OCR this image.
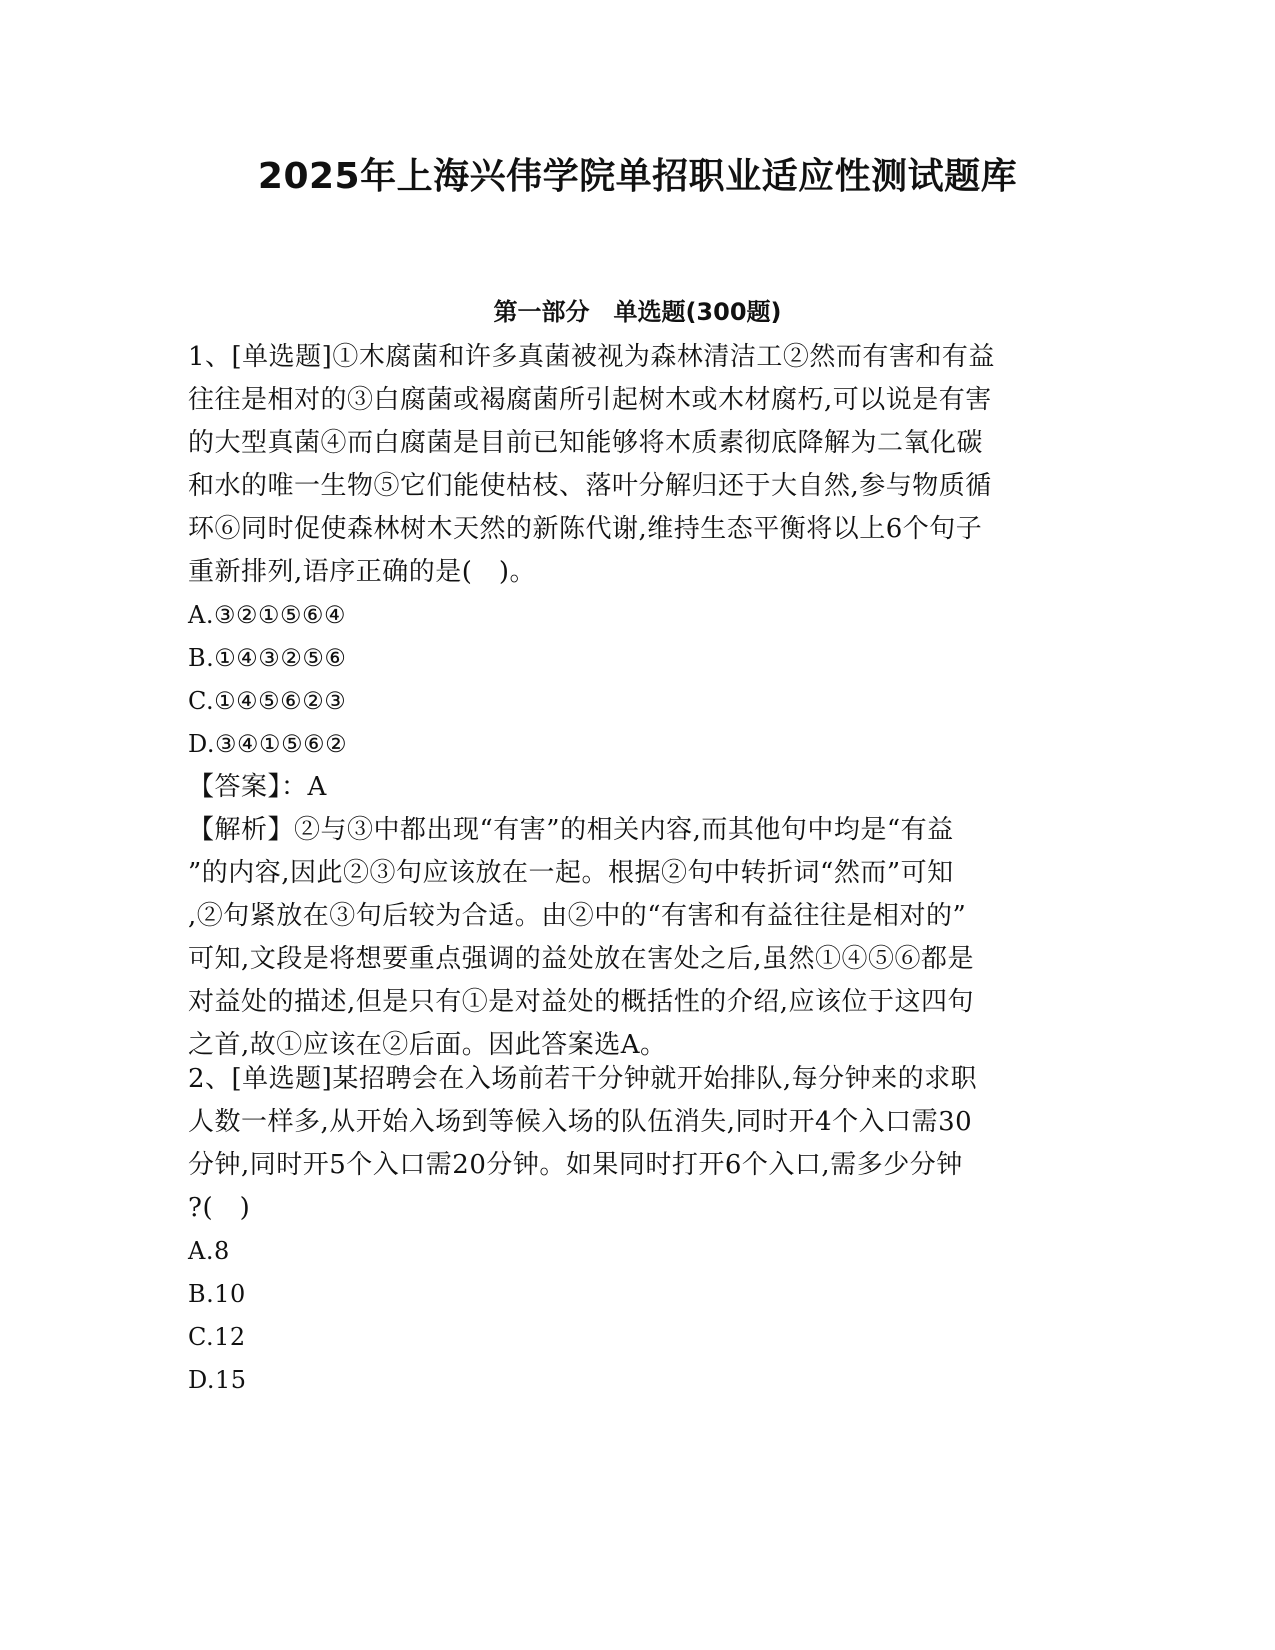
2025年上海兴伟学院单招职业适应性测试题库
第一部分　单选题(300题)
1、[单选题]①木腐菌和许多真菌被视为森林清洁工②然而有害和有益
往往是相对的③白腐菌或褐腐菌所引起树木或木材腐朽,可以说是有害
的大型真菌④而白腐菌是目前已知能够将木质素彻底降解为二氧化碳
和水的唯一生物⑤它们能使枯枝、落叶分解归还于大自然,参与物质循
环⑥同时促使森林树木天然的新陈代谢,维持生态平衡将以上6个句子
重新排列,语序正确的是(　)。
A.③②①⑤⑥④
B.①④③②⑤⑥
C.①④⑤⑥②③
D.③④①⑤⑥②
【答案】：A
【解析】②与③中都出现“有害”的相关内容,而其他句中均是“有益
”的内容,因此②③句应该放在一起。根据②句中转折词“然而”可知
,②句紧放在③句后较为合适。由②中的“有害和有益往往是相对的”
可知,文段是将想要重点强调的益处放在害处之后,虽然①④⑤⑥都是
对益处的描述,但是只有①是对益处的概括性的介绍,应该位于这四句
之首,故①应该在②后面。因此答案选A。
2、[单选题]某招聘会在入场前若干分钟就开始排队,每分钟来的求职
人数一样多,从开始入场到等候入场的队伍消失,同时开4个入口需30
分钟,同时开5个入口需20分钟。如果同时打开6个入口,需多少分钟
?(　)
A.8
B.10
C.12
D.15
